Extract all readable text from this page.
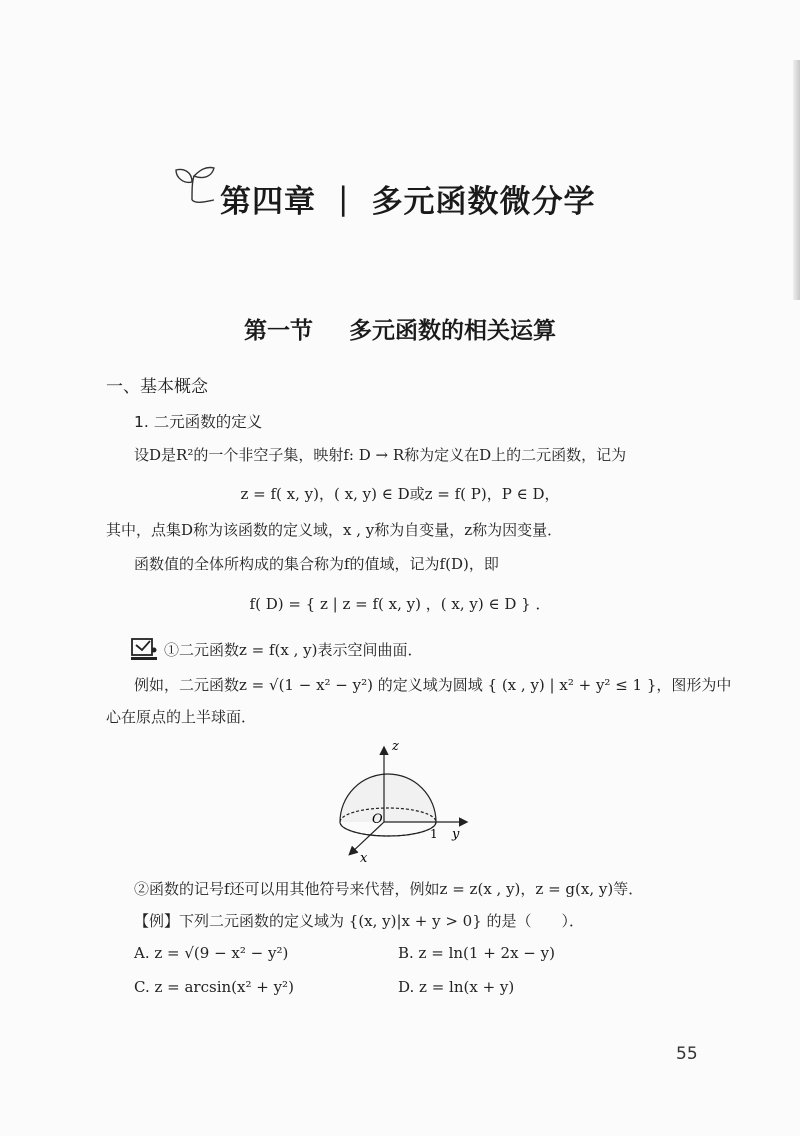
第四章 | 多元函数微分学
第一节 多元函数的相关运算
一、基本概念
1. 二元函数的定义
设D是R²的一个非空子集，映射f: D → R称为定义在D上的二元函数，记为
z = f( x, y)，( x, y) ∈ D或z = f( P)，P ∈ D，
其中，点集D称为该函数的定义域，x , y称为自变量，z称为因变量．
函数值的全体所构成的集合称为f的值域，记为f(D)，即
f( D) = { z | z = f( x, y) ，( x, y) ∈ D } ．
①二元函数z = f(x , y)表示空间曲面．
例如，二元函数z = √(1 − x² − y²) 的定义域为圆域 { (x , y) | x² + y² ≤ 1 }，图形为中
心在原点的上半球面．
z
O
1 y
x
②函数的记号f还可以用其他符号来代替，例如z = z(x , y)，z = g(x, y)等．
【例】下列二元函数的定义域为 {(x, y)|x + y > 0} 的是（　　）．
A. z = √(9 − x² − y²)	B. z = ln(1 + 2x − y)
C. z = arcsin(x² + y²)	D. z = ln(x + y)
55
